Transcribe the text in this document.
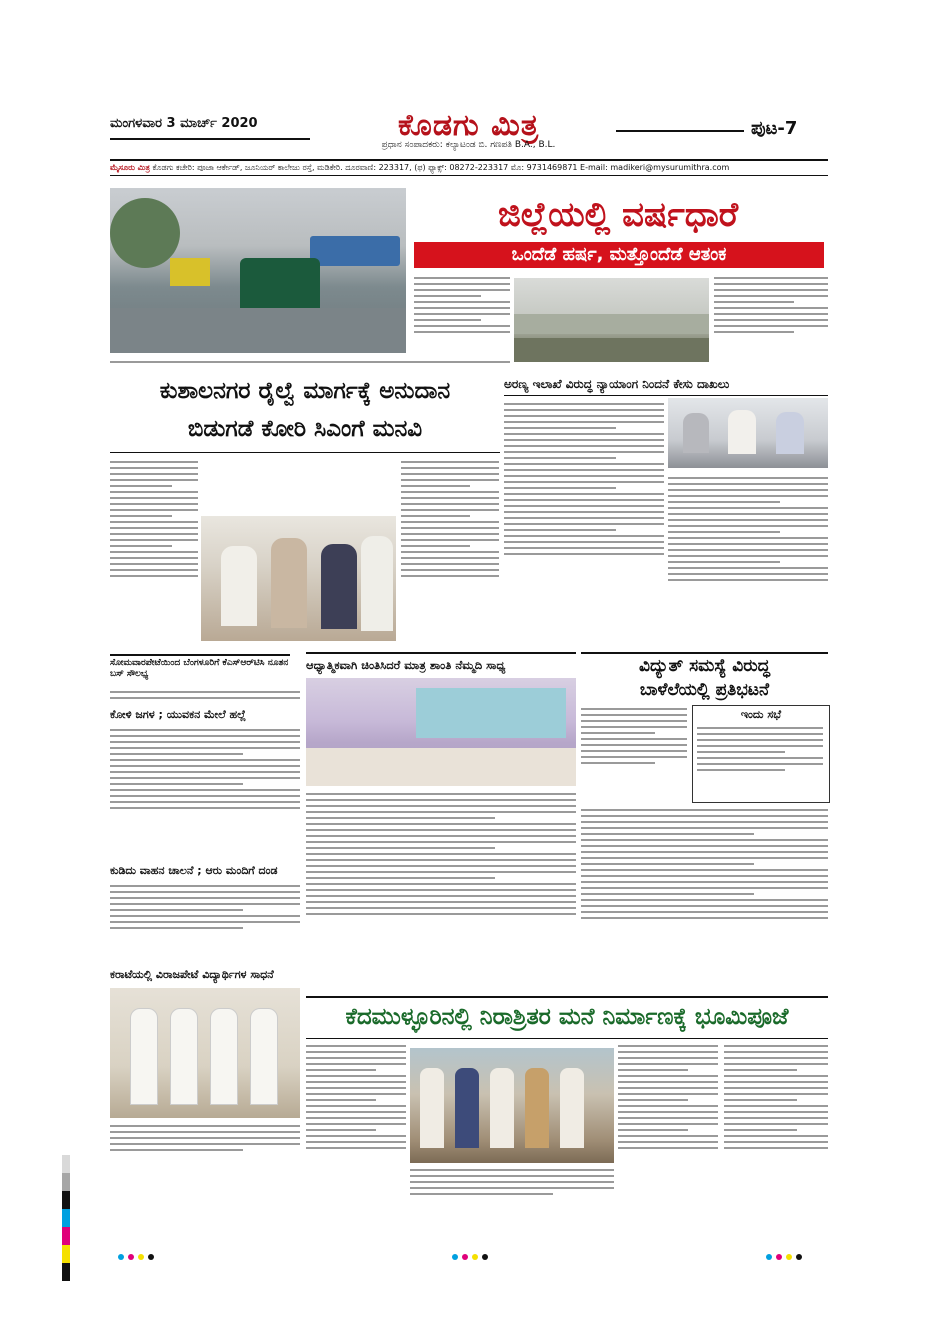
ಮಂಗಳವಾರ 3 ಮಾರ್ಚ್ 2020	ಕೊಡಗು ಮಿತ್ರ
ಪ್ರಧಾನ ಸಂಪಾದಕರು: ಕಲ್ಯಾಟಂಡ ಬಿ. ಗಣಪತಿ B.A., B.L.
ಪುಟ-7
ಮೈಸೂರು ಮಿತ್ರ ಕೊಡಗು ಕಚೇರಿ: ಪೂಜಾ ಆರ್ಕೇಡ್, ಜೂನಿಯರ್ ಕಾಲೇಜು ರಸ್ತೆ, ಮಡಿಕೇರಿ. ದೂರವಾಣಿ: 223317, (ಫ) ಫ್ಯಾಕ್ಸ್: 08272-223317 ಮೊ: 9731469871 E-mail: madikeri@mysurumithra.com
ಜಿಲ್ಲೆಯಲ್ಲಿ ವರ್ಷಧಾರೆ
ಒಂದೆಡೆ ಹರ್ಷ, ಮತ್ತೊಂದೆಡೆ ಆತಂಕ
ಕುಶಾಲನಗರ ರೈಲ್ವೆ ಮಾರ್ಗಕ್ಕೆ ಅನುದಾನ
ಬಿಡುಗಡೆ ಕೋರಿ ಸಿಎಂಗೆ ಮನವಿ
ಅರಣ್ಯ ಇಲಾಖೆ ವಿರುದ್ಧ ನ್ಯಾಯಾಂಗ ನಿಂದನೆ ಕೇಸು ದಾಖಲು
ಸೋಮವಾರಪೇಟೆಯಿಂದ ಬೆಂಗಳೂರಿಗೆ ಕೆಎಸ್‌ಆರ್‌ಟಿಸಿ ನೂತನ ಬಸ್ ಸೌಲಭ್ಯ
ಕೋಳಿ ಜಗಳ ; ಯುವಕನ ಮೇಲೆ ಹಲ್ಲೆ
ಕುಡಿದು ವಾಹನ ಚಾಲನೆ ; ಆರು ಮಂದಿಗೆ ದಂಡ
ಕರಾಟೆಯಲ್ಲಿ ವಿರಾಜಪೇಟೆ ವಿದ್ಯಾರ್ಥಿಗಳ ಸಾಧನೆ
ಆಧ್ಯಾತ್ಮಿಕವಾಗಿ ಚಿಂತಿಸಿದರೆ ಮಾತ್ರ ಶಾಂತಿ ನೆಮ್ಮದಿ ಸಾಧ್ಯ	ವಿದ್ಯುತ್ ಸಮಸ್ಯೆ ವಿರುದ್ಧ
ಬಾಳೆಲೆಯಲ್ಲಿ ಪ್ರತಿಭಟನೆ
ಇಂದು ಸಭೆ
ಕೆದಮುಳ್ಳೂರಿನಲ್ಲಿ ನಿರಾಶ್ರಿತರ ಮನೆ ನಿರ್ಮಾಣಕ್ಕೆ ಭೂಮಿಪೂಜೆ
